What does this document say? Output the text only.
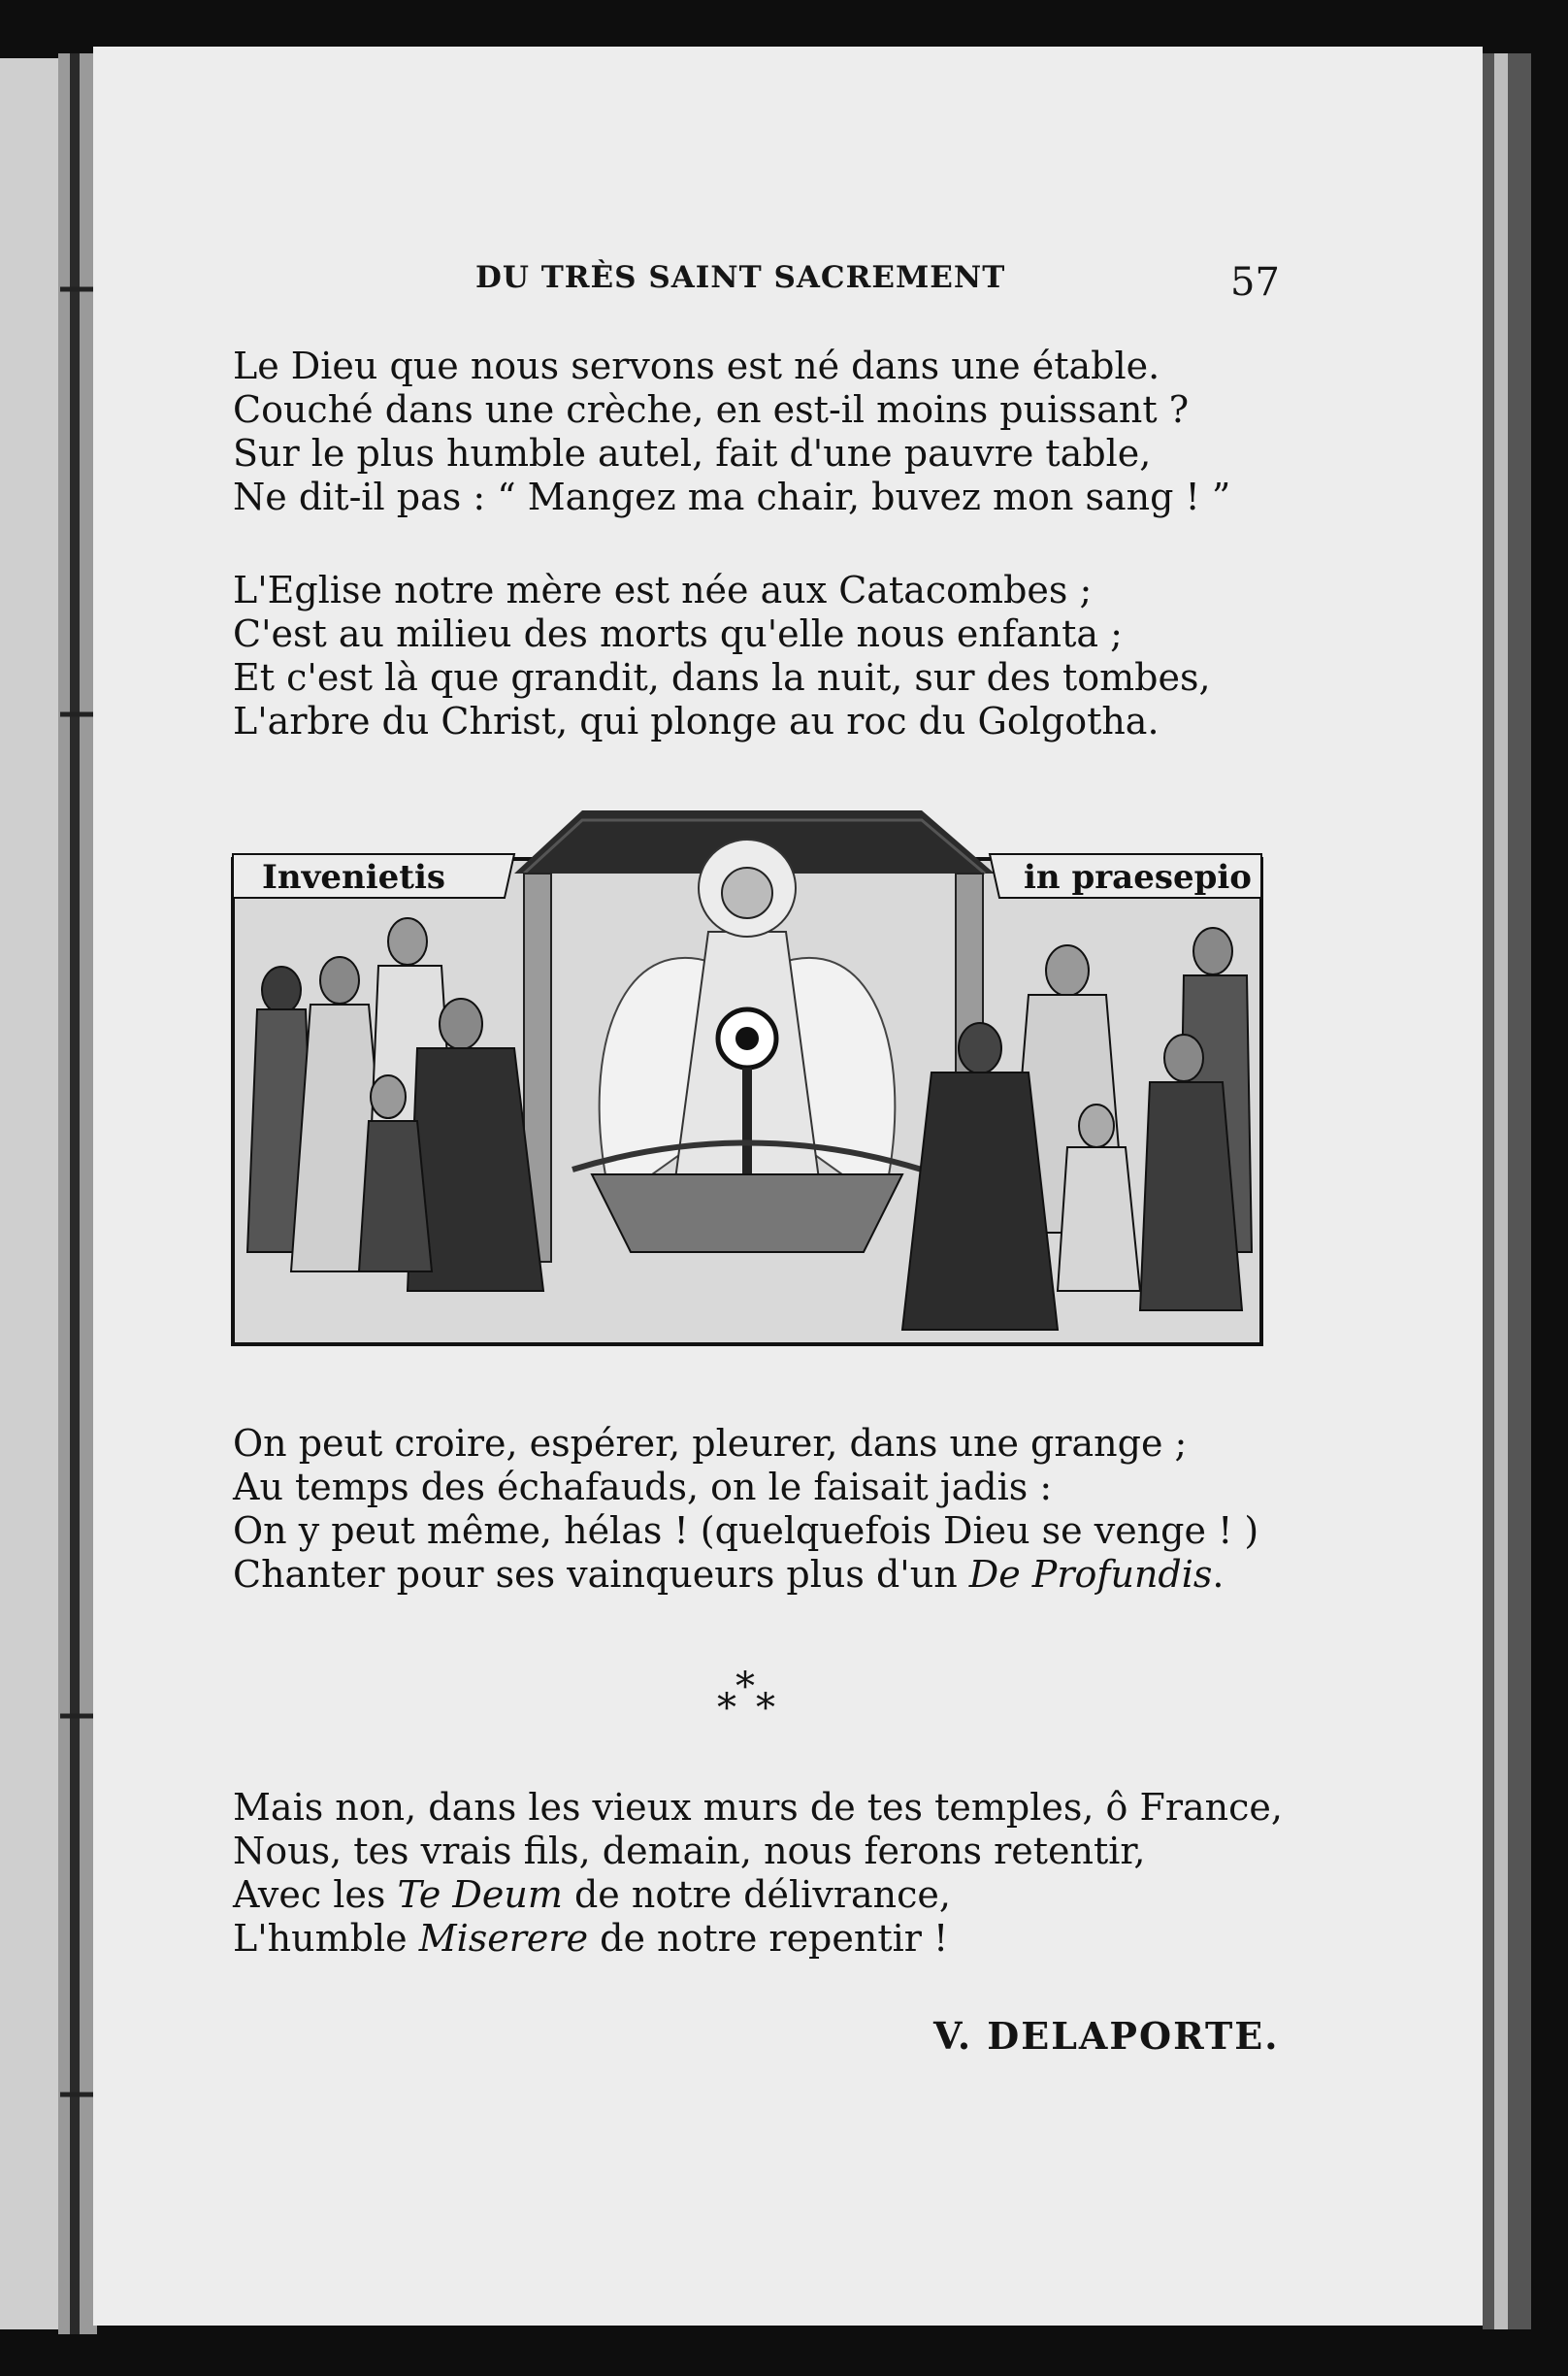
DU TRÈS SAINT SACREMENT	57
Le Dieu que nous servons est né dans une étable.
Couché dans une crèche, en est-il moins puissant ?
Sur le plus humble autel, fait d'une pauvre table,
Ne dit-il pas : “ Mangez ma chair, buvez mon sang ! ”
L'Eglise notre mère est née aux Catacombes ;
C'est au milieu des morts qu'elle nous enfanta ;
Et c'est là que grandit, dans la nuit, sur des tombes,
L'arbre du Christ, qui plonge au roc du Golgotha.
Invenietis	in praesepio
On peut croire, espérer, pleurer, dans une grange ;
Au temps des échafauds, on le faisait jadis :
On y peut même, hélas ! (quelquefois Dieu se venge ! )
Chanter pour ses vainqueurs plus d'un De Profundis.
*
* *
Mais non, dans les vieux murs de tes temples, ô France,
Nous, tes vrais fils, demain, nous ferons retentir,
Avec les Te Deum de notre délivrance,
L'humble Miserere de notre repentir !
V. DELAPORTE.
